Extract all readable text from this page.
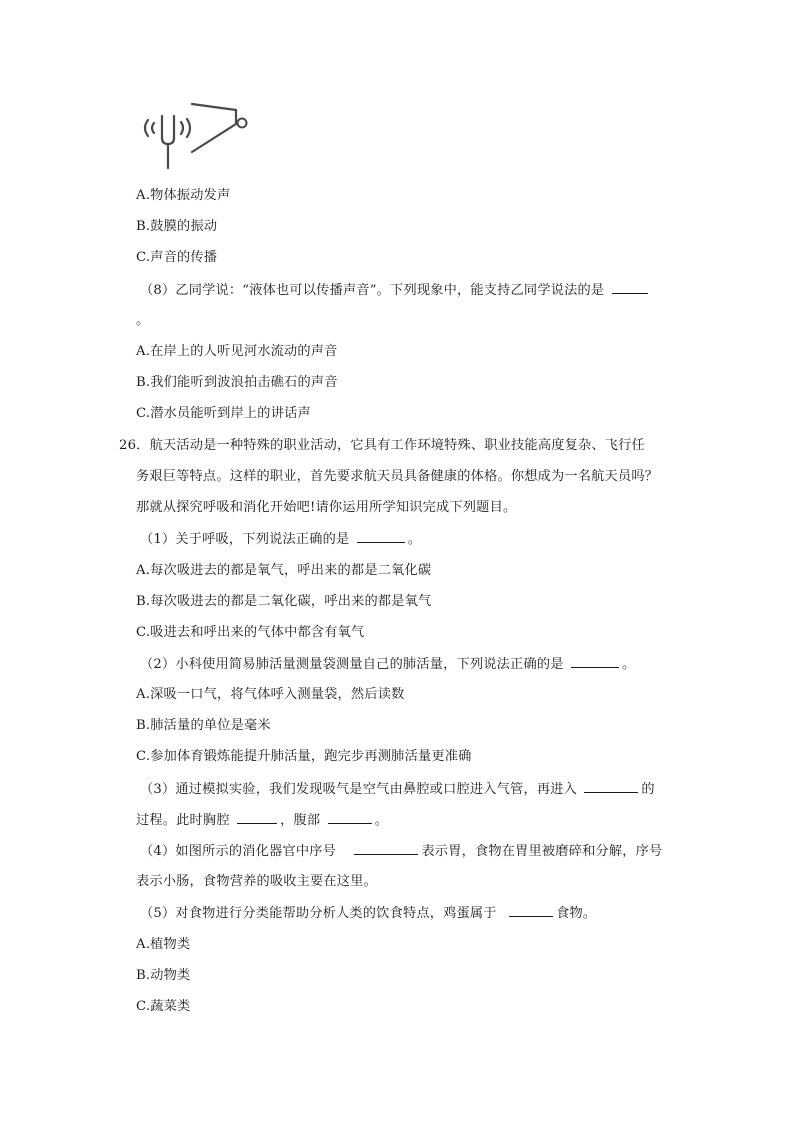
A.物体振动发声
B.鼓膜的振动
C.声音的传播
（8）乙同学说：“液体也可以传播声音”。下列现象中，能支持乙同学说法的是
。
A.在岸上的人听见河水流动的声音
B.我们能听到波浪拍击礁石的声音
C.潜水员能听到岸上的讲话声
26．航天活动是一种特殊的职业活动，它具有工作环境特殊、职业技能高度复杂、飞行任
务艰巨等特点。这样的职业，首先要求航天员具备健康的体格。你想成为一名航天员吗？
那就从探究呼吸和消化开始吧!请你运用所学知识完成下列题目。
（1）关于呼吸，下列说法正确的是	。
A.每次吸进去的都是氧气，呼出来的都是二氧化碳
B.每次吸进去的都是二氧化碳，呼出来的都是氧气
C.吸进去和呼出来的气体中都含有氧气
（2）小科使用简易肺活量测量袋测量自己的肺活量，下列说法正确的是	。
A.深吸一口气，将气体呼入测量袋，然后读数
B.肺活量的单位是毫米
C.参加体育锻炼能提升肺活量，跑完步再测肺活量更准确
（3）通过模拟实验，我们发现吸气是空气由鼻腔或口腔进入气管，再进入	的
过程。此时胸腔	，腹部	。
（4）如图所示的消化器官中序号	表示胃，食物在胃里被磨碎和分解，序号
表示小肠，食物营养的吸收主要在这里。
（5）对食物进行分类能帮助分析人类的饮食特点，鸡蛋属于	食物。
A.植物类
B.动物类
C.蔬菜类
